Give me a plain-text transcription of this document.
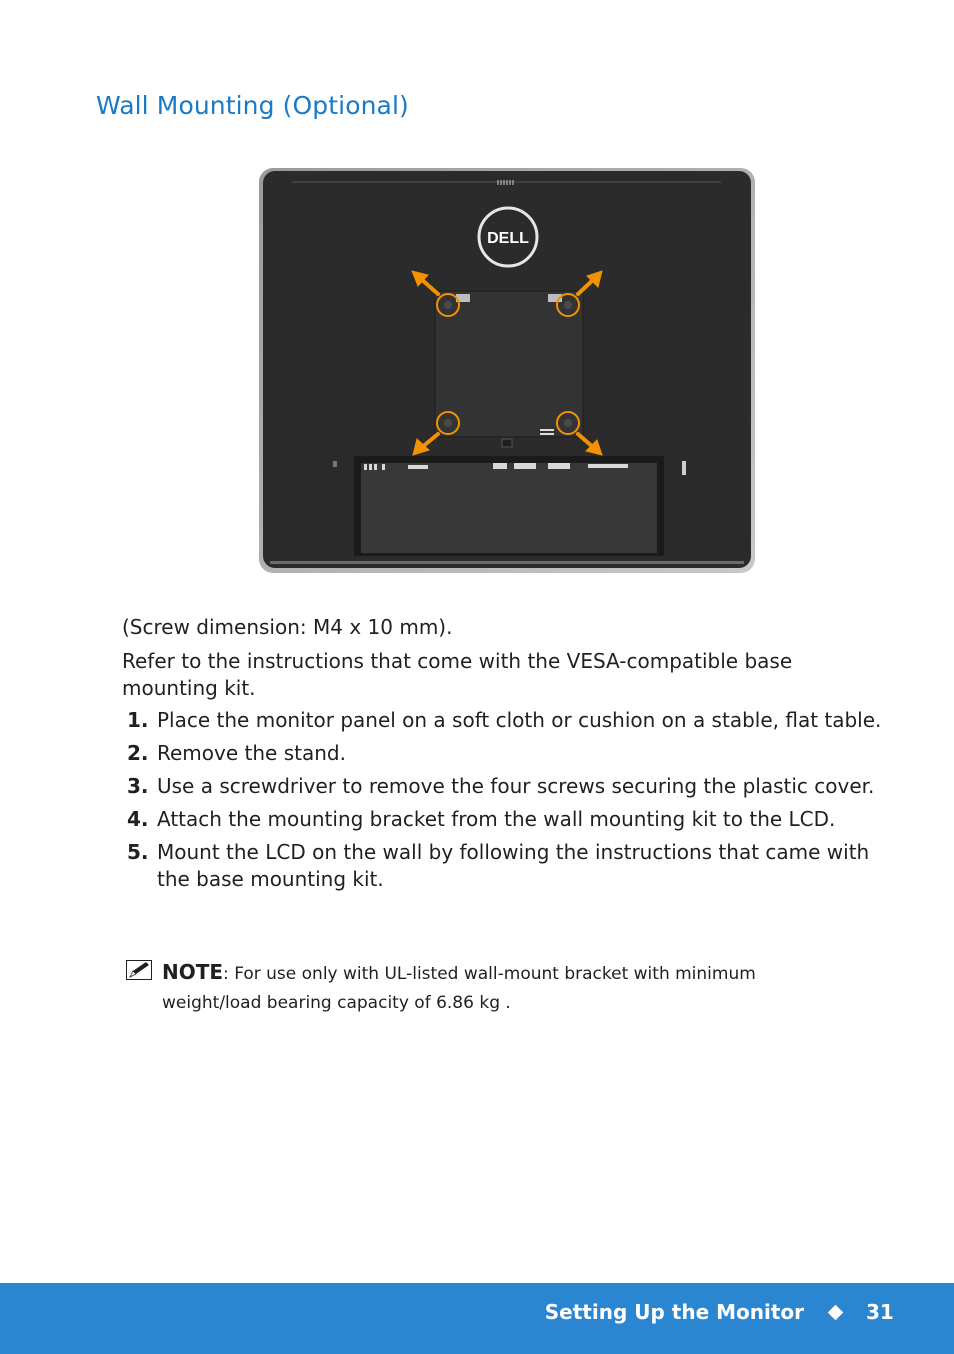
Wall Mounting (Optional)
DELL

(Screw dimension: M4 x 10 mm).

Refer to the instructions that come with the VESA-compatible base mounting kit.

1. Place the monitor panel on a soft cloth or cushion on a stable, flat table.
2. Remove the stand.
3. Use a screwdriver to remove the four screws securing the plastic cover.
4. Attach the mounting bracket from the wall mounting kit to the LCD.
5. Mount the LCD on the wall by following the instructions that came with the base mounting kit.
NOTE: For use only with UL-listed wall-mount bracket with minimum weight/load bearing capacity of 6.86 kg .
Setting Up the Monitor	31
